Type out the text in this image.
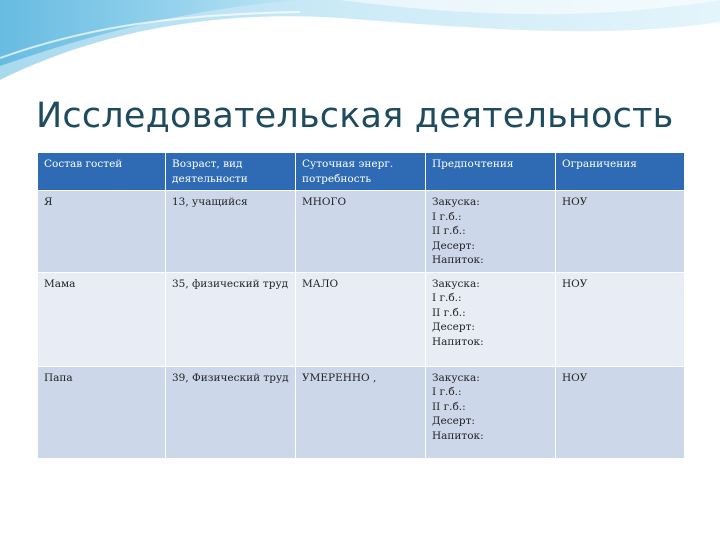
Исследовательская деятельность
Состав гостей	Возраст, вид деятельности	Суточная энерг. потребность	Предпочтения	Ограничения
Я	13, учащийся	МНОГО	Закуска:
I г.б.:
II г.б.:
Десерт:
Напиток:	НОУ
Мама	35, физический труд	МАЛО	Закуска:
I г.б.:
II г.б.:
Десерт:
Напиток:	НОУ
Папа	39, Физический труд	УМЕРЕННО ,	Закуска:
I г.б.:
II г.б.:
Десерт:
Напиток:	НОУ
